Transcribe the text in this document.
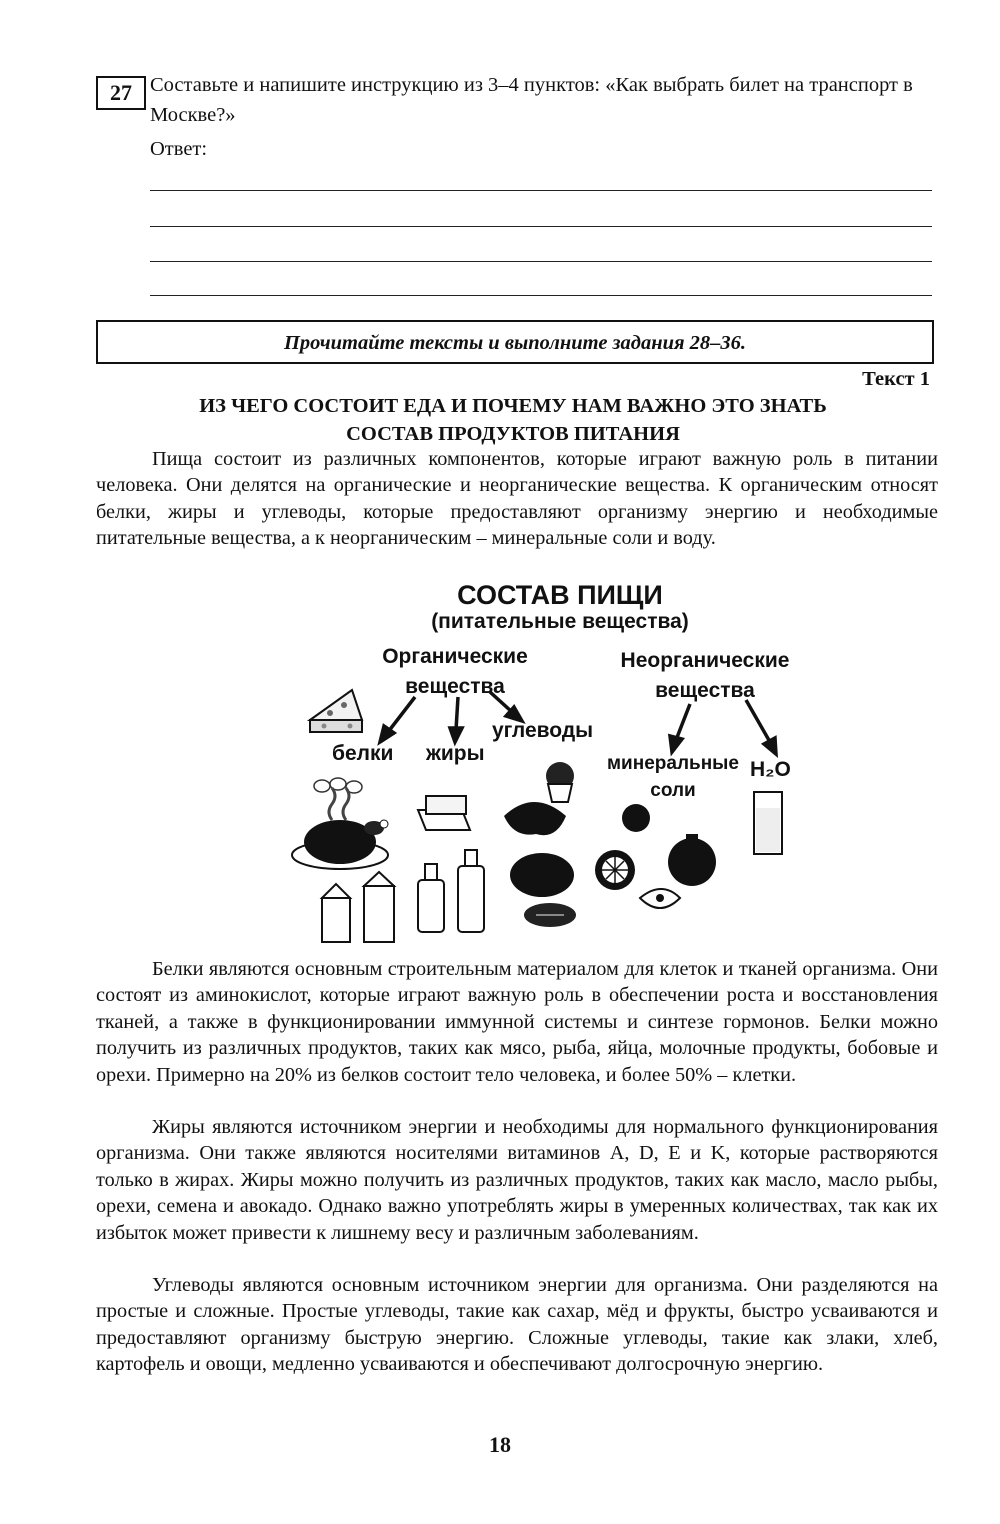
27 Составьте и напишите инструкцию из 3–4 пунктов: «Как выбрать билет на транспорт в Москве?»
Ответ:
Прочитайте тексты и выполните задания 28–36.
Текст 1
ИЗ ЧЕГО СОСТОИТ ЕДА И ПОЧЕМУ НАМ ВАЖНО ЭТО ЗНАТЬ
СОСТАВ ПРОДУКТОВ ПИТАНИЯ

Пища состоит из различных компонентов, которые играют важную роль в питании человека. Они делятся на органические и неорганические вещества. К органическим относят белки, жиры и углеводы, которые предоставляют организму энергию и необходимые питательные вещества, а к неорганическим – минеральные соли и воду.

СОСТАВ ПИЩИ
(питательные вещества)
Органические вещества
Неорганические вещества
белки жиры
углеводы
минеральные соли
H₂O

Белки являются основным строительным материалом для клеток и тканей организма. Они состоят из аминокислот, которые играют важную роль в обеспечении роста и восстановления тканей, а также в функционировании иммунной системы и синтезе гормонов. Белки можно получить из различных продуктов, таких как мясо, рыба, яйца, молочные продукты, бобовые и орехи. Примерно на 20% из белков состоит тело человека, и более 50% – клетки.

Жиры являются источником энергии и необходимы для нормального функционирования организма. Они также являются носителями витаминов A, D, E и K, которые растворяются только в жирах. Жиры можно получить из различных продуктов, таких как масло, масло рыбы, орехи, семена и авокадо. Однако важно употреблять жиры в умеренных количествах, так как их избыток может привести к лишнему весу и различным заболеваниям.

Углеводы являются основным источником энергии для организма. Они разделяются на простые и сложные. Простые углеводы, такие как сахар, мёд и фрукты, быстро усваиваются и предоставляют организму быструю энергию. Сложные углеводы, такие как злаки, хлеб, картофель и овощи, медленно усваиваются и обеспечивают долгосрочную энергию.

18
